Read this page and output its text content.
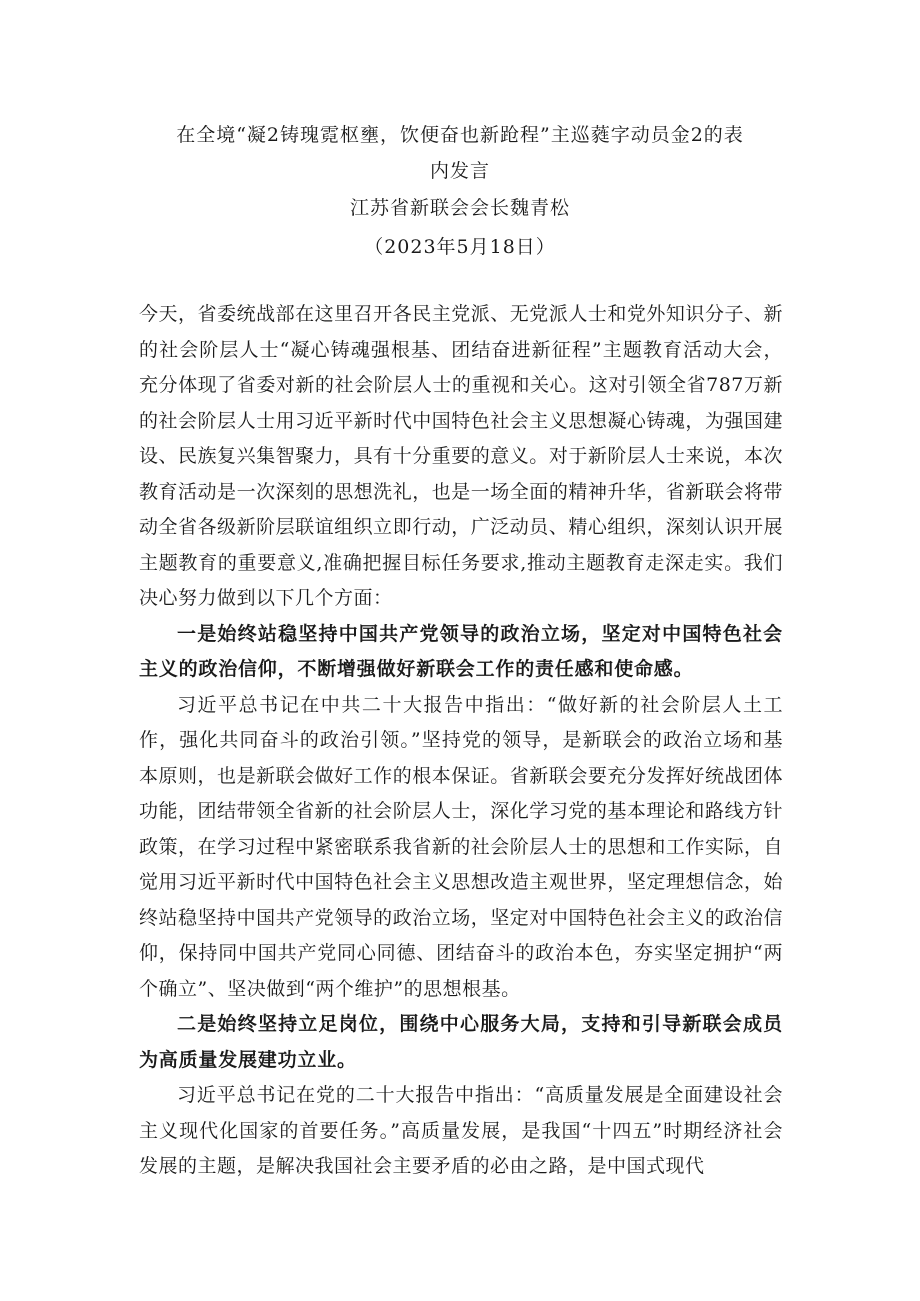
在全境“凝2铸瑰霓枢壅，饮便奋也新跄程”主巡蕤字动员金2的表
内发言
江苏省新联会会长魏青松
（2023年5月18日）

今天，省委统战部在这里召开各民主党派、无党派人士和党外知识分子、新的社会阶层人士“凝心铸魂强根基、团结奋进新征程”主题教育活动大会，充分体现了省委对新的社会阶层人士的重视和关心。这对引领全省787万新的社会阶层人士用习近平新时代中国特色社会主义思想凝心铸魂，为强国建设、民族复兴集智聚力，具有十分重要的意义。对于新阶层人士来说，本次教育活动是一次深刻的思想洗礼，也是一场全面的精神升华，省新联会将带动全省各级新阶层联谊组织立即行动，广泛动员、精心组织，深刻认识开展主题教育的重要意义,准确把握目标任务要求,推动主题教育走深走实。我们决心努力做到以下几个方面：

一是始终站稳坚持中国共产党领导的政治立场，坚定对中国特色社会主义的政治信仰，不断增强做好新联会工作的责任感和使命感。

习近平总书记在中共二十大报告中指出：“做好新的社会阶层人土工作，强化共同奋斗的政治引领。”坚持党的领导，是新联会的政治立场和基本原则，也是新联会做好工作的根本保证。省新联会要充分发挥好统战团体功能，团结带领全省新的社会阶层人士，深化学习党的基本理论和路线方针政策，在学习过程中紧密联系我省新的社会阶层人士的思想和工作实际，自觉用习近平新时代中国特色社会主义思想改造主观世界，坚定理想信念，始终站稳坚持中国共产党领导的政治立场，坚定对中国特色社会主义的政治信仰，保持同中国共产党同心同德、团结奋斗的政治本色，夯实坚定拥护“两个确立”、坚决做到“两个维护”的思想根基。

二是始终坚持立足岗位，围绕中心服务大局，支持和引导新联会成员为高质量发展建功立业。

习近平总书记在党的二十大报告中指出：“高质量发展是全面建设社会主义现代化国家的首要任务。”高质量发展，是我国“十四五”时期经济社会发展的主题，是解决我国社会主要矛盾的必由之路，是中国式现代
